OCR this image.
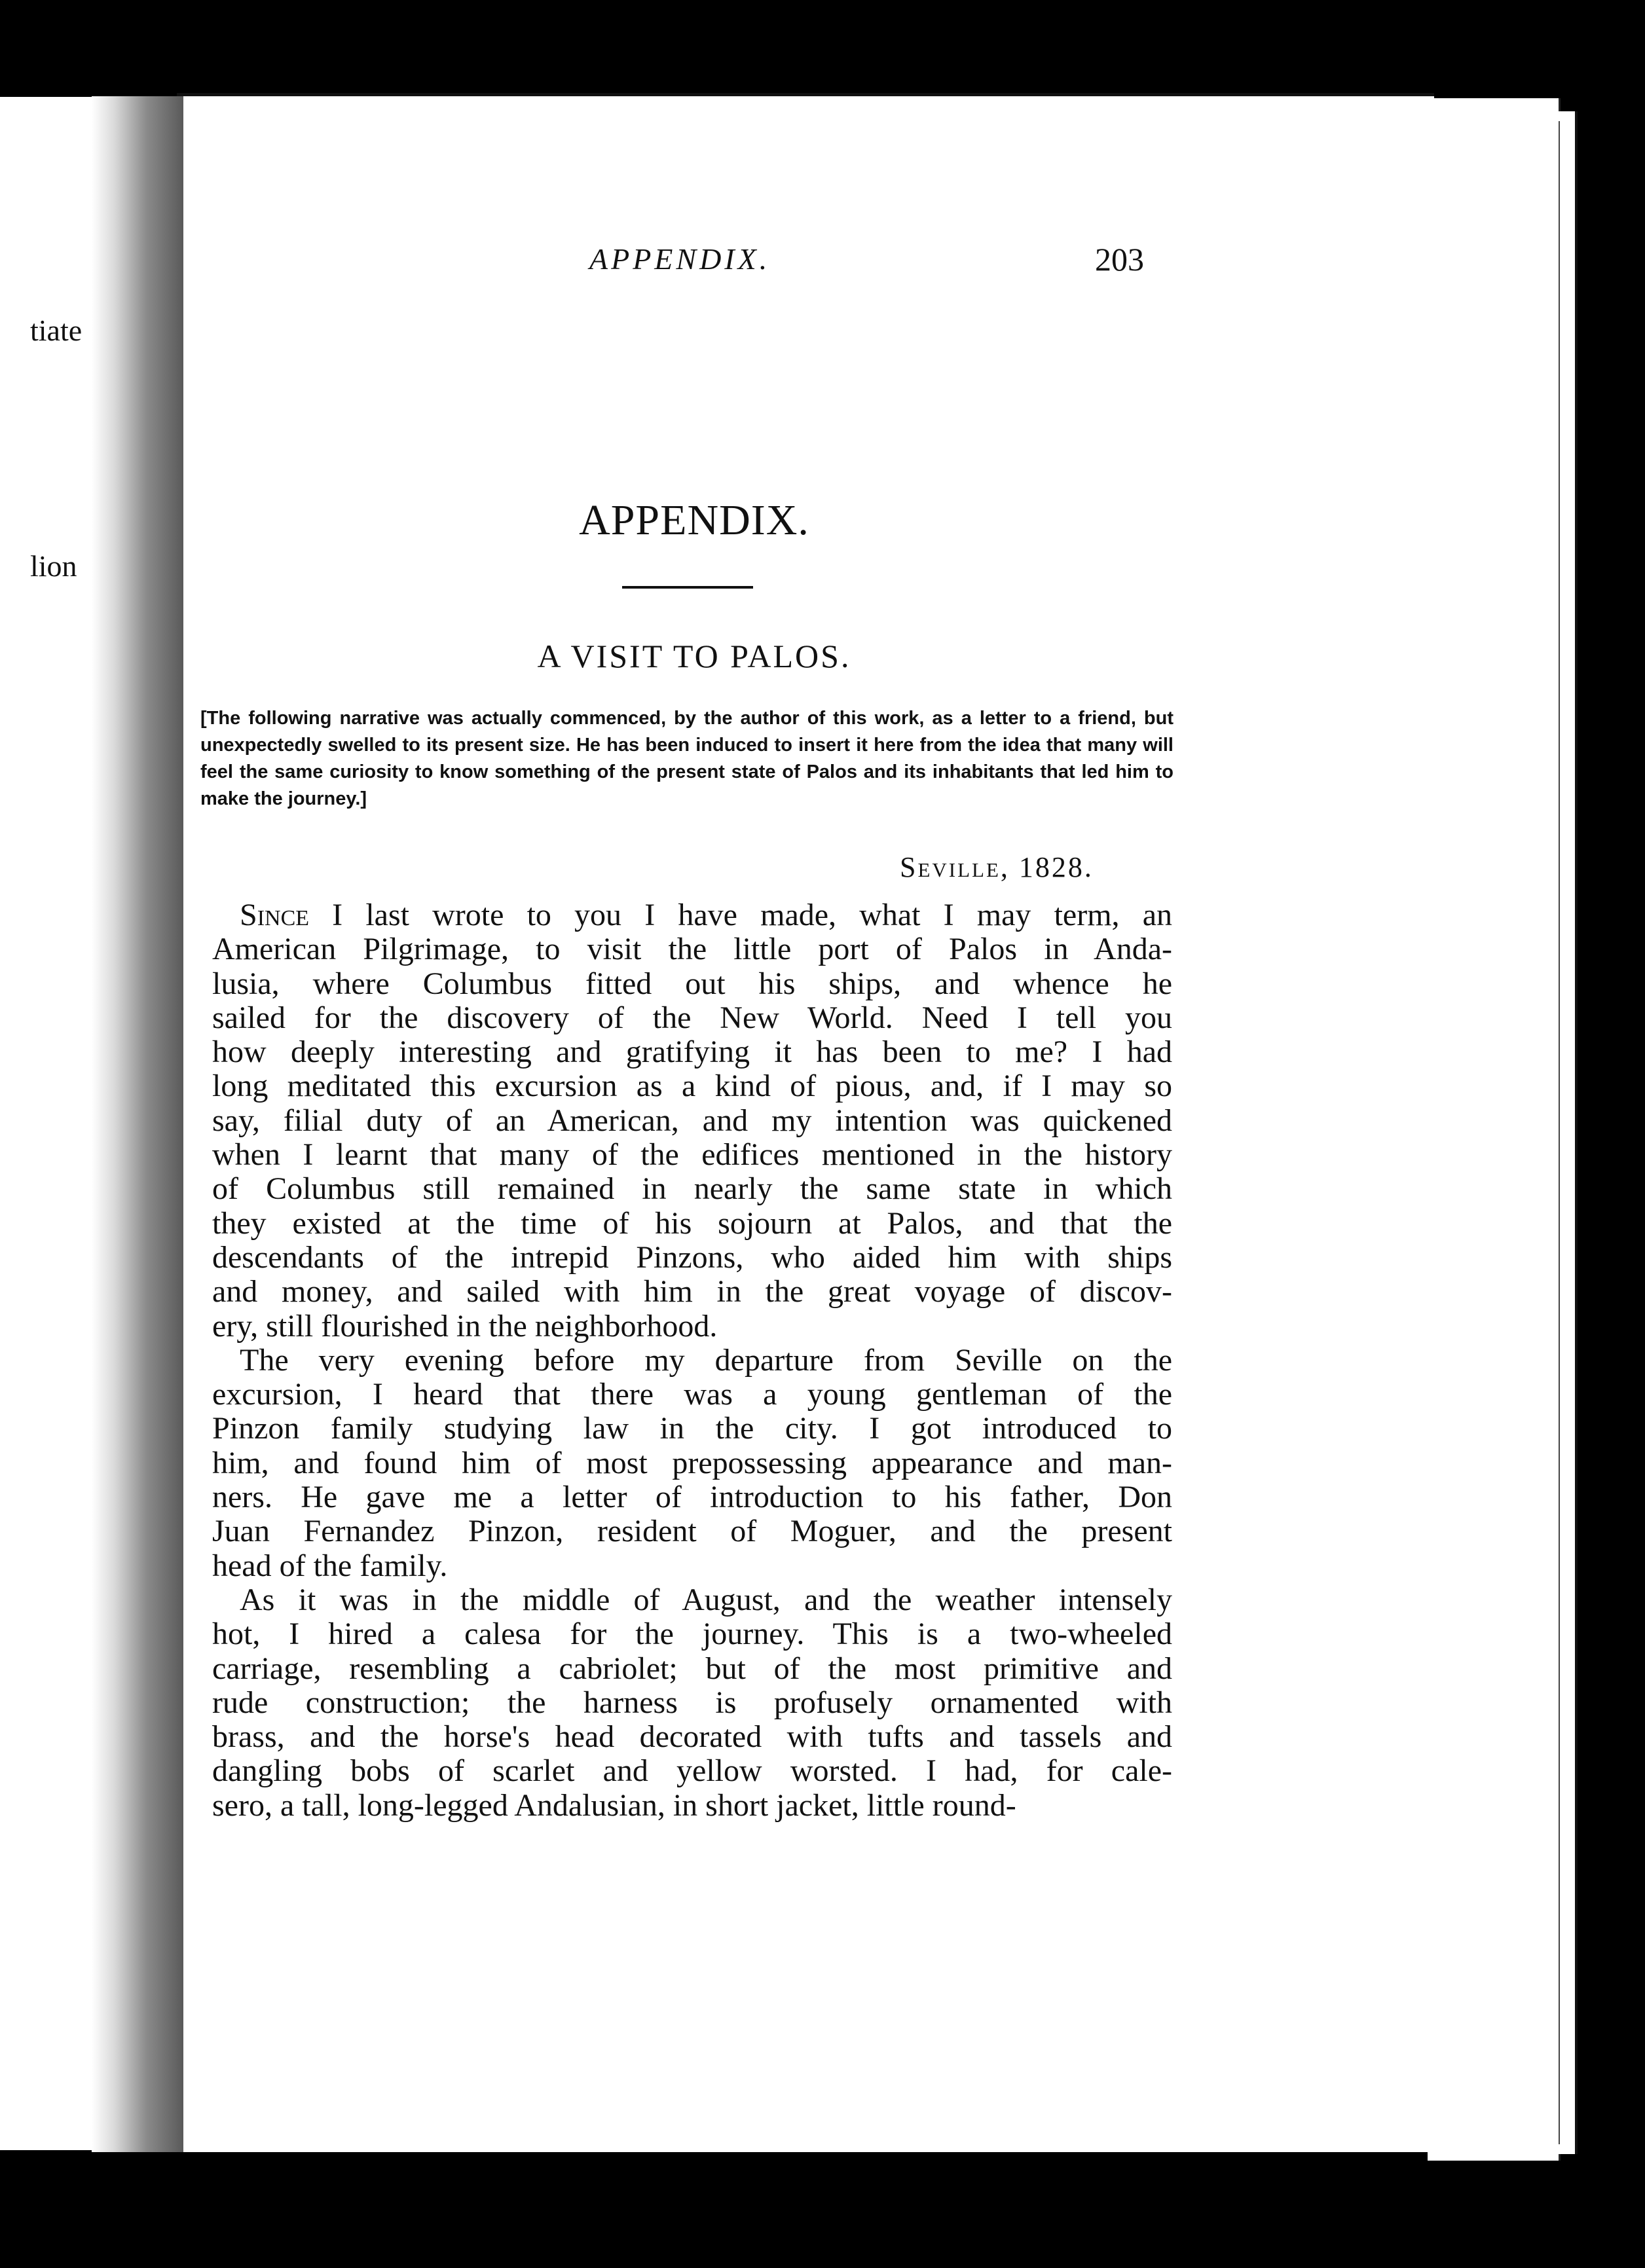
tiate
lion
APPENDIX.	203
APPENDIX.
A VISIT TO PALOS.
[The following narrative was actually commenced, by the author of this work, as a letter to a friend, but unexpectedly swelled to its present size. He has been induced to insert it here from the idea that many will feel the same curiosity to know something of the present state of Palos and its inhabitants that led him to make the journey.]
Seville, 1828.
Since I last wrote to you I have made, what I may term, an
American Pilgrimage, to visit the little port of Palos in Anda-
lusia, where Columbus fitted out his ships, and whence he
sailed for the discovery of the New World. Need I tell you
how deeply interesting and gratifying it has been to me? I had
long meditated this excursion as a kind of pious, and, if I may so
say, filial duty of an American, and my intention was quickened
when I learnt that many of the edifices mentioned in the history
of Columbus still remained in nearly the same state in which
they existed at the time of his sojourn at Palos, and that the
descendants of the intrepid Pinzons, who aided him with ships
and money, and sailed with him in the great voyage of discov-
ery, still flourished in the neighborhood.
The very evening before my departure from Seville on the
excursion, I heard that there was a young gentleman of the
Pinzon family studying law in the city. I got introduced to
him, and found him of most prepossessing appearance and man-
ners. He gave me a letter of introduction to his father, Don
Juan Fernandez Pinzon, resident of Moguer, and the present
head of the family.
As it was in the middle of August, and the weather intensely
hot, I hired a calesa for the journey. This is a two-wheeled
carriage, resembling a cabriolet; but of the most primitive and
rude construction; the harness is profusely ornamented with
brass, and the horse's head decorated with tufts and tassels and
dangling bobs of scarlet and yellow worsted. I had, for cale-
sero, a tall, long-legged Andalusian, in short jacket, little round-
